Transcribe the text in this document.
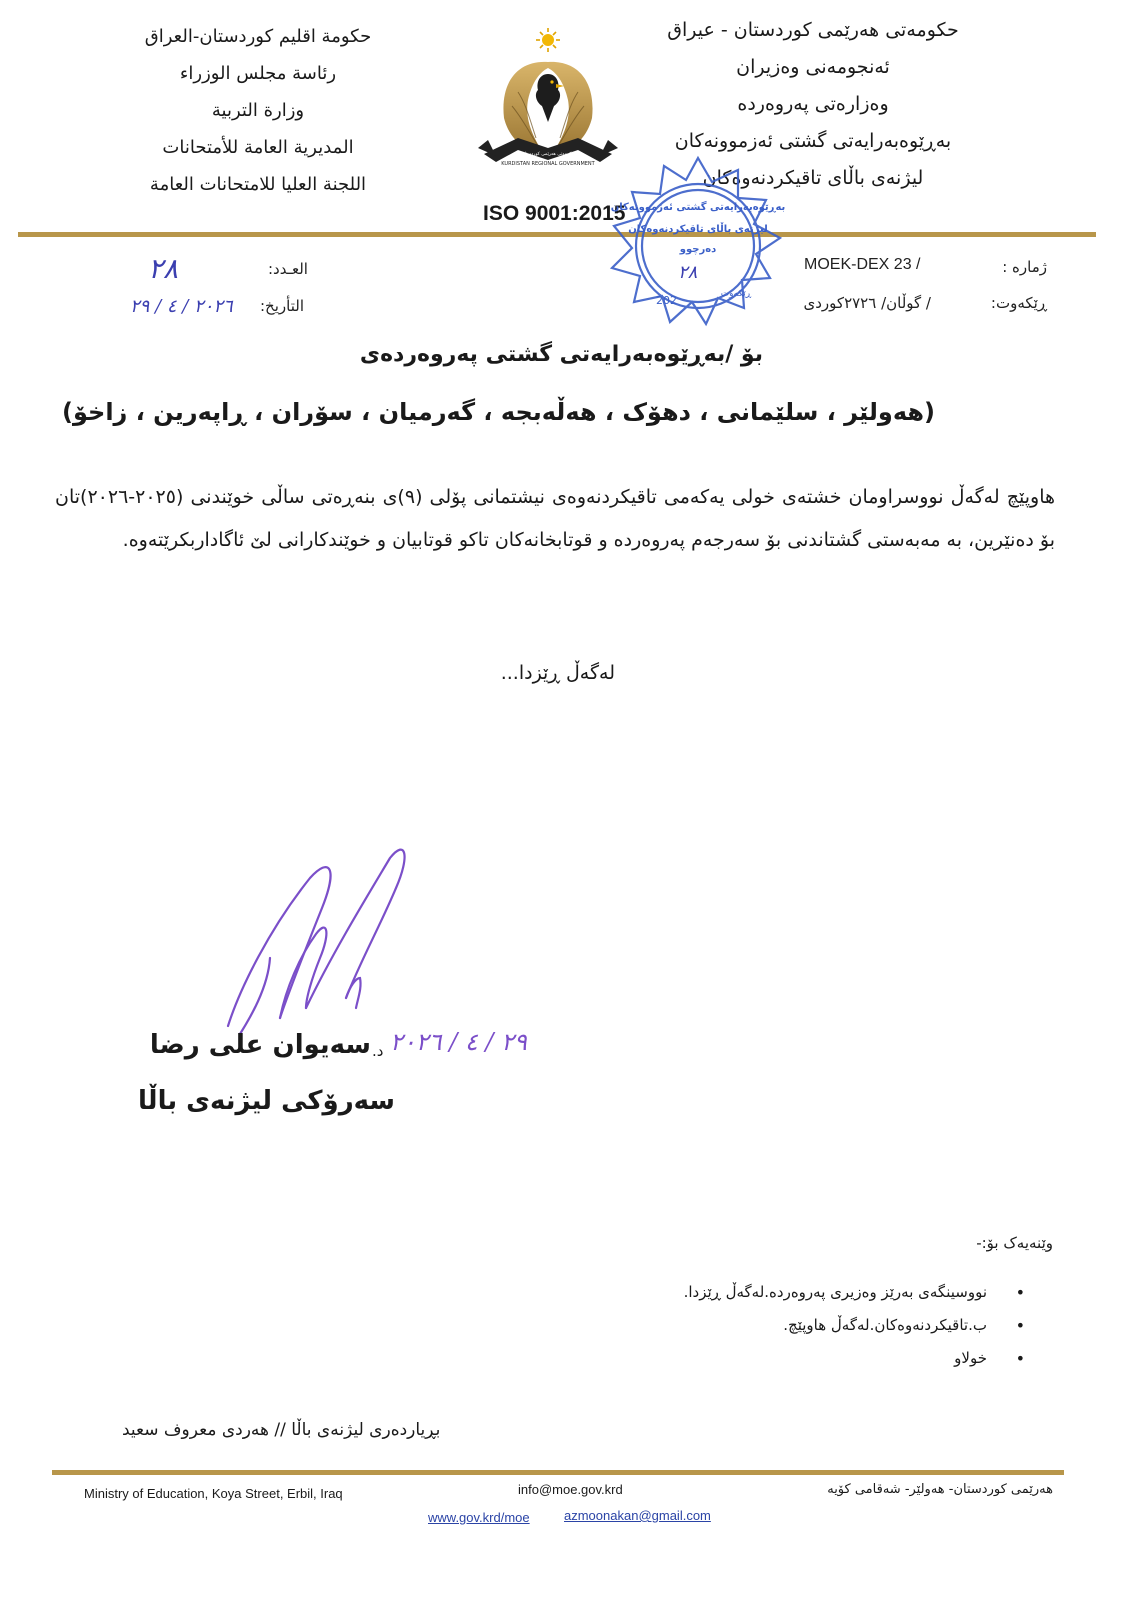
حکومەتی هەرێمی کوردستان - عیراق
ئەنجومەنی وەزیران
وەزارەتی پەروەردە
بەڕێوەبەرایەتی گشتی ئەزموونەکان
لیژنەی باڵای تاقیکردنەوەکان
حكومة اقليم كوردستان-العراق
رئاسة مجلس الوزراء
وزارة التربية
المديرية العامة للأمتحانات
اللجنة العليا للامتحانات العامة
حکومەتی هەرێمی کوردستان
KURDISTAN REGIONAL GOVERNMENT
ISO 9001:2015
ژماره :
MOEK-DEX 23 /
ڕێکەوت:
/ گوڵان/ ٢٧٢٦کوردی
العـدد:
٢٨
التأريخ:
٢٠٢٦ / ٤ / ٢٩
بەڕێوەبەرایەتی گشتی ئەزموونەکان
لیژنەی باڵای تاقیکردنەوەکان
دەرچوو
٢٨
202	ڕێکەوت
بۆ /بەڕێوەبەرایەتی گشتی پەروەردەی
(هەولێر ، سلێمانی ، دهۆک ، هەڵەبجە ، گەرمیان ، سۆران ، ڕاپەرین ، زاخۆ)
هاوپێچ لەگەڵ نووسراومان خشتەی خولی یەکەمی تاقیکردنەوەی نیشتمانی پۆلی (٩)ی بنەڕەتی ساڵی خوێندنی (٢٠٢٥-٢٠٢٦)تان بۆ دەنێرین، بە مەبەستی گشتاندنی بۆ سەرجەم پەروەردە و قوتابخانەکان تاکو قوتابیان و خوێندکارانی لێ ئاگاداربکرێتەوە.
لەگەڵ ڕێزدا...
سەیوان علی رضا د. ٢٩ / ٤ / ٢٠٢٦
سەرۆکی لیژنەی باڵا
وێنەیەک بۆ:-
• نووسینگەی بەرێز وەزیری پەروەردە.لەگەڵ ڕێزدا.
• ب.تاقیکردنەوەکان.لەگەڵ هاوپێچ.
• خولاو
بڕیاردەری لیژنەی باڵا // هەردی معروف سعید
Ministry of Education, Koya Street, Erbil, Iraq	info@moe.gov.krd	هەرێمی کوردستان- هەولێر- شەقامی کۆیە
www.gov.krd/moe	azmoonakan@gmail.com
